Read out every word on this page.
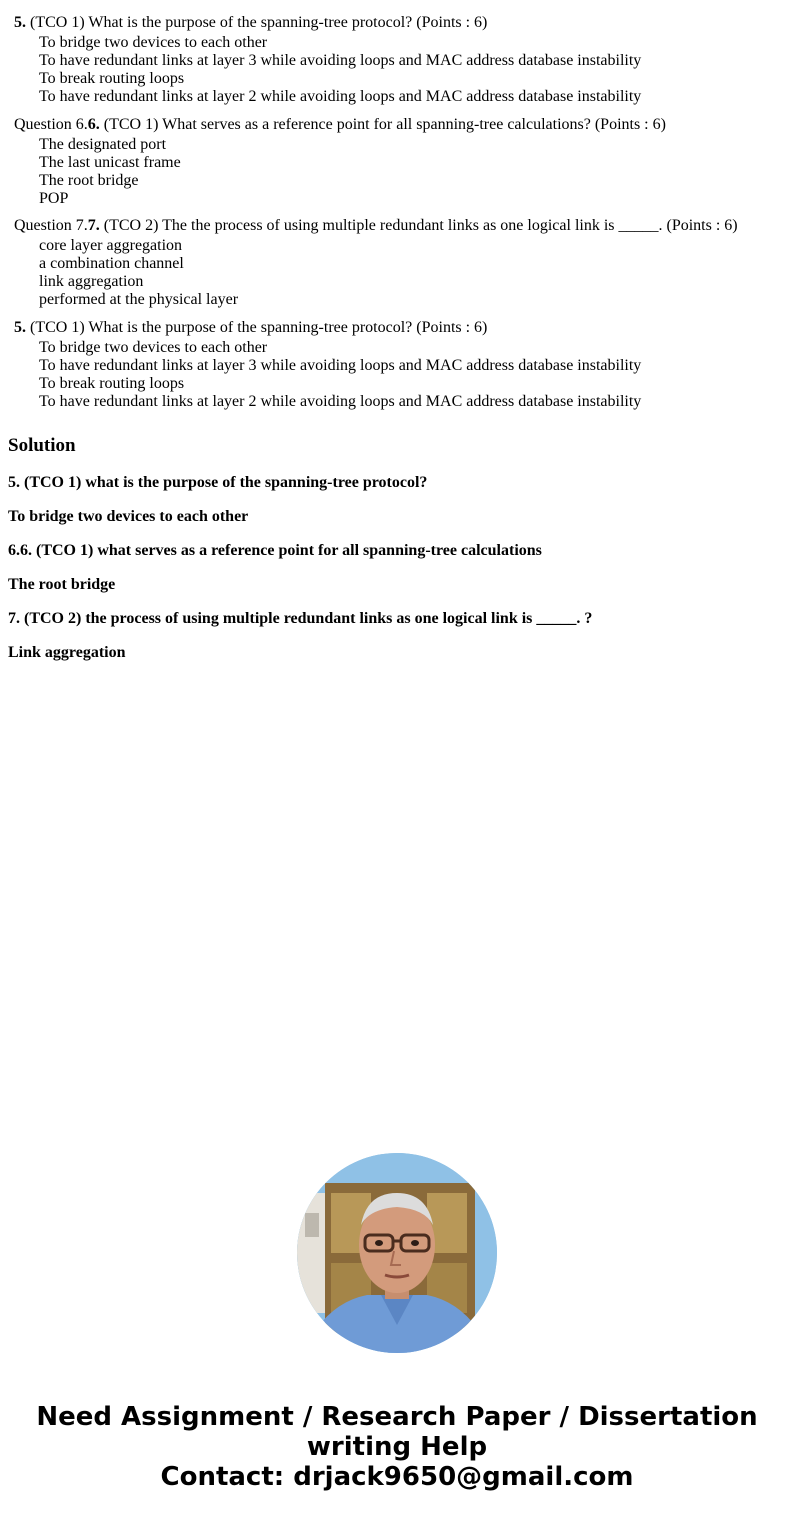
5. (TCO 1) What is the purpose of the spanning-tree protocol? (Points : 6)
To bridge two devices to each other
To have redundant links at layer 3 while avoiding loops and MAC address database instability
To break routing loops
To have redundant links at layer 2 while avoiding loops and MAC address database instability
Question 6.6. (TCO 1) What serves as a reference point for all spanning-tree calculations? (Points : 6)
The designated port
The last unicast frame
The root bridge
POP
Question 7.7. (TCO 2) The the process of using multiple redundant links as one logical link is _____. (Points : 6)
core layer aggregation
a combination channel
link aggregation
performed at the physical layer
5. (TCO 1) What is the purpose of the spanning-tree protocol? (Points : 6)
To bridge two devices to each other
To have redundant links at layer 3 while avoiding loops and MAC address database instability
To break routing loops
To have redundant links at layer 2 while avoiding loops and MAC address database instability
Solution
5. (TCO 1) what is the purpose of the spanning-tree protocol?
To bridge two devices to each other
6.6. (TCO 1) what serves as a reference point for all spanning-tree calculations
The root bridge
7. (TCO 2) the process of using multiple redundant links as one logical link is _____. ?
Link aggregation
Need Assignment / Research Paper / Dissertation
writing Help
Contact: drjack9650@gmail.com
